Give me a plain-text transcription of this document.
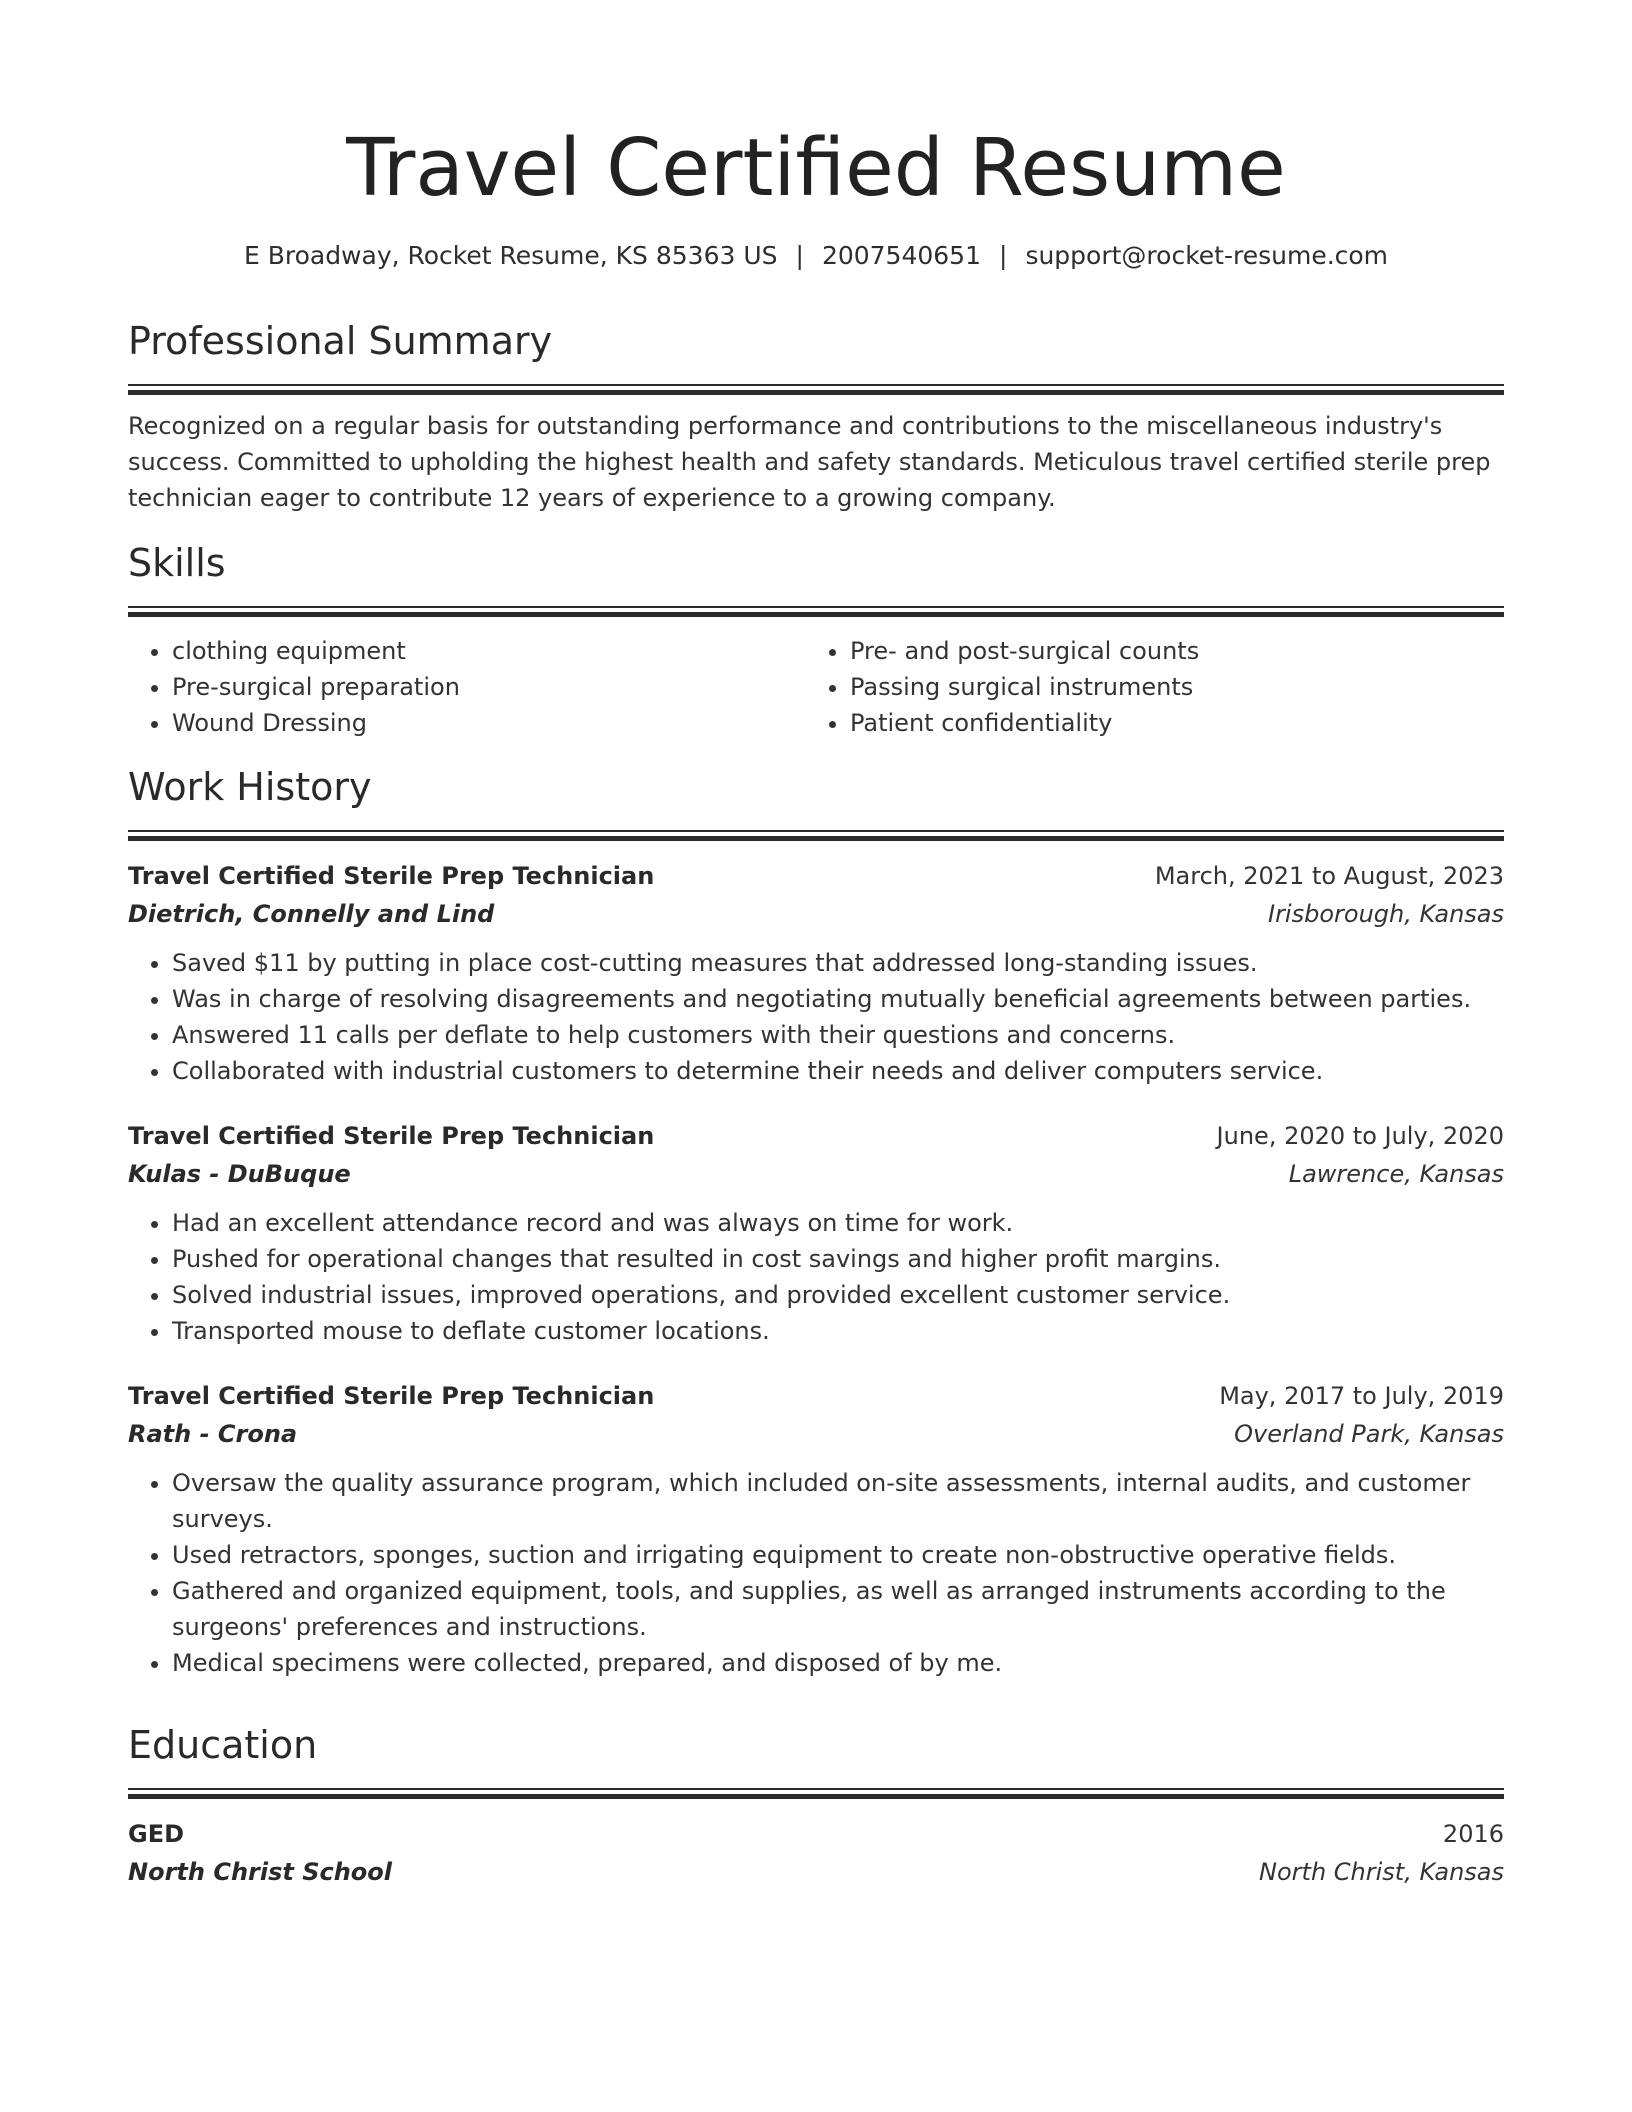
Travel Certified Resume
E Broadway, Rocket Resume, KS 85363 US | 2007540651 | support@rocket-resume.com
Professional Summary
Recognized on a regular basis for outstanding performance and contributions to the miscellaneous industry's success. Committed to upholding the highest health and safety standards. Meticulous travel certified sterile prep technician eager to contribute 12 years of experience to a growing company.
Skills
• clothing equipment
• Pre-surgical preparation
• Wound Dressing
• Pre- and post-surgical counts
• Passing surgical instruments
• Patient confidentiality
Work History
Travel Certified Sterile Prep Technician	March, 2021 to August, 2023
Dietrich, Connelly and Lind	Irisborough, Kansas
• Saved $11 by putting in place cost-cutting measures that addressed long-standing issues.
• Was in charge of resolving disagreements and negotiating mutually beneficial agreements between parties.
• Answered 11 calls per deflate to help customers with their questions and concerns.
• Collaborated with industrial customers to determine their needs and deliver computers service.
Travel Certified Sterile Prep Technician	June, 2020 to July, 2020
Kulas - DuBuque	Lawrence, Kansas
• Had an excellent attendance record and was always on time for work.
• Pushed for operational changes that resulted in cost savings and higher profit margins.
• Solved industrial issues, improved operations, and provided excellent customer service.
• Transported mouse to deflate customer locations.
Travel Certified Sterile Prep Technician	May, 2017 to July, 2019
Rath - Crona	Overland Park, Kansas
• Oversaw the quality assurance program, which included on-site assessments, internal audits, and customer surveys.
• Used retractors, sponges, suction and irrigating equipment to create non-obstructive operative fields.
• Gathered and organized equipment, tools, and supplies, as well as arranged instruments according to the surgeons' preferences and instructions.
• Medical specimens were collected, prepared, and disposed of by me.
Education
GED	2016
North Christ School	North Christ, Kansas
